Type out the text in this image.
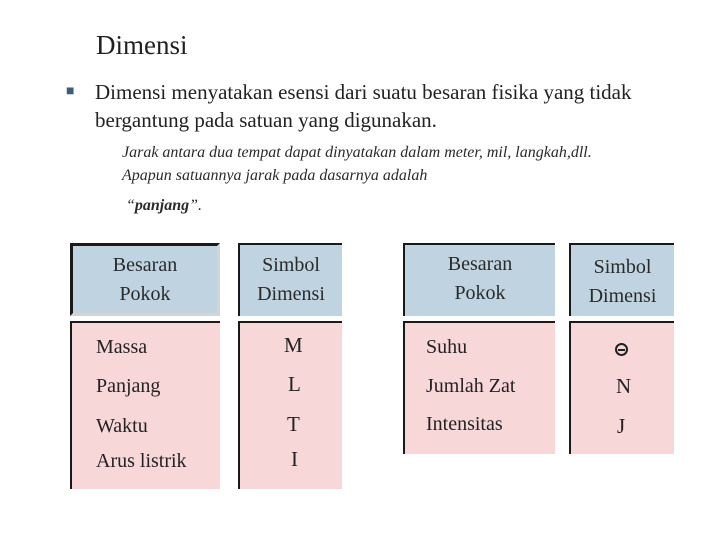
Dimensi
■ Dimensi menyatakan esensi dari suatu besaran fisika yang tidak bergantung pada satuan yang digunakan.
Jarak antara dua tempat dapat dinyatakan dalam meter, mil, langkah,dll. Apapun satuannya jarak pada dasarnya adalah
“panjang”.
Besaran
Pokok
Simbol
Dimensi
Besaran
Pokok
Simbol
Dimensi
Massa
Panjang
Waktu
Arus listrik
M
L
T
I
Suhu
Jumlah Zat
Intensitas
N
J
